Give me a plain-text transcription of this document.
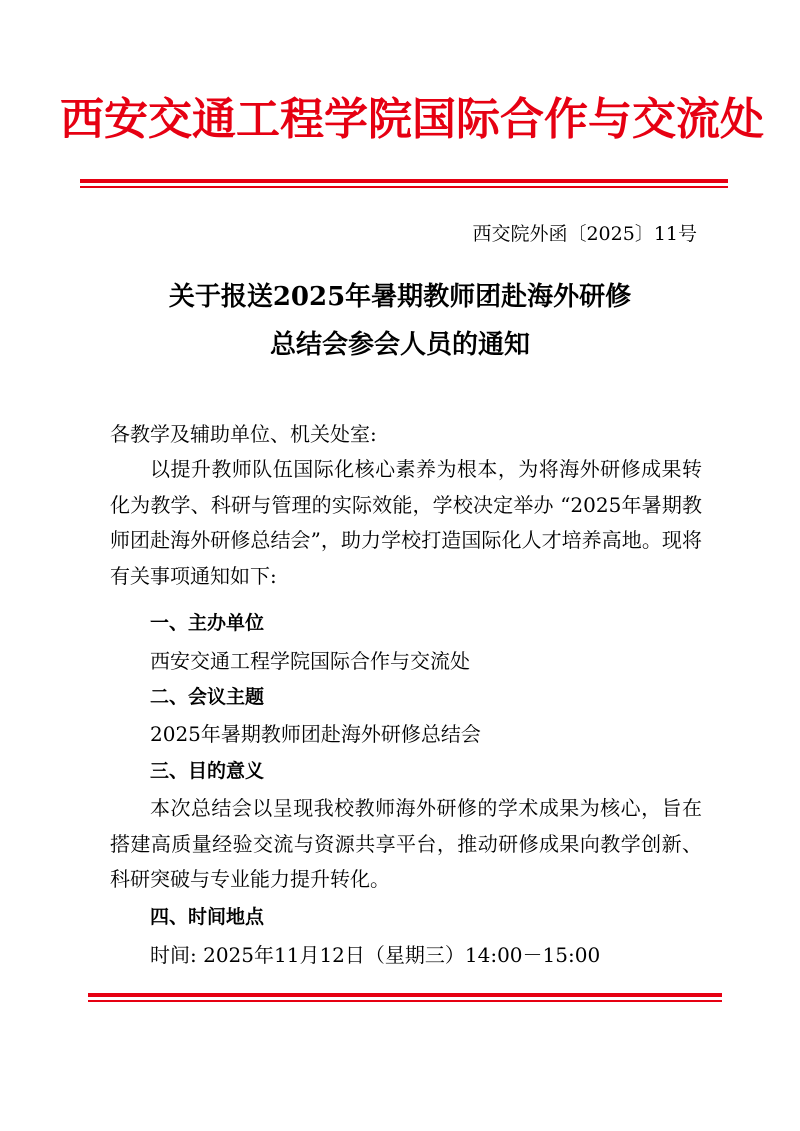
西安交通工程学院国际合作与交流处
西交院外函〔2025〕11号
关于报送2025年暑期教师团赴海外研修
总结会参会人员的通知
各教学及辅助单位、机关处室:
以提升教师队伍国际化核心素养为根本，为将海外研修成果转化为教学、科研与管理的实际效能，学校决定举办 “2025年暑期教师团赴海外研修总结会”，助力学校打造国际化人才培养高地。现将有关事项通知如下:
一、主办单位
西安交通工程学院国际合作与交流处
二、会议主题
2025年暑期教师团赴海外研修总结会
三、目的意义
本次总结会以呈现我校教师海外研修的学术成果为核心，旨在搭建高质量经验交流与资源共享平台，推动研修成果向教学创新、科研突破与专业能力提升转化。
四、时间地点
时间: 2025年11月12日（星期三）14:00－15:00
